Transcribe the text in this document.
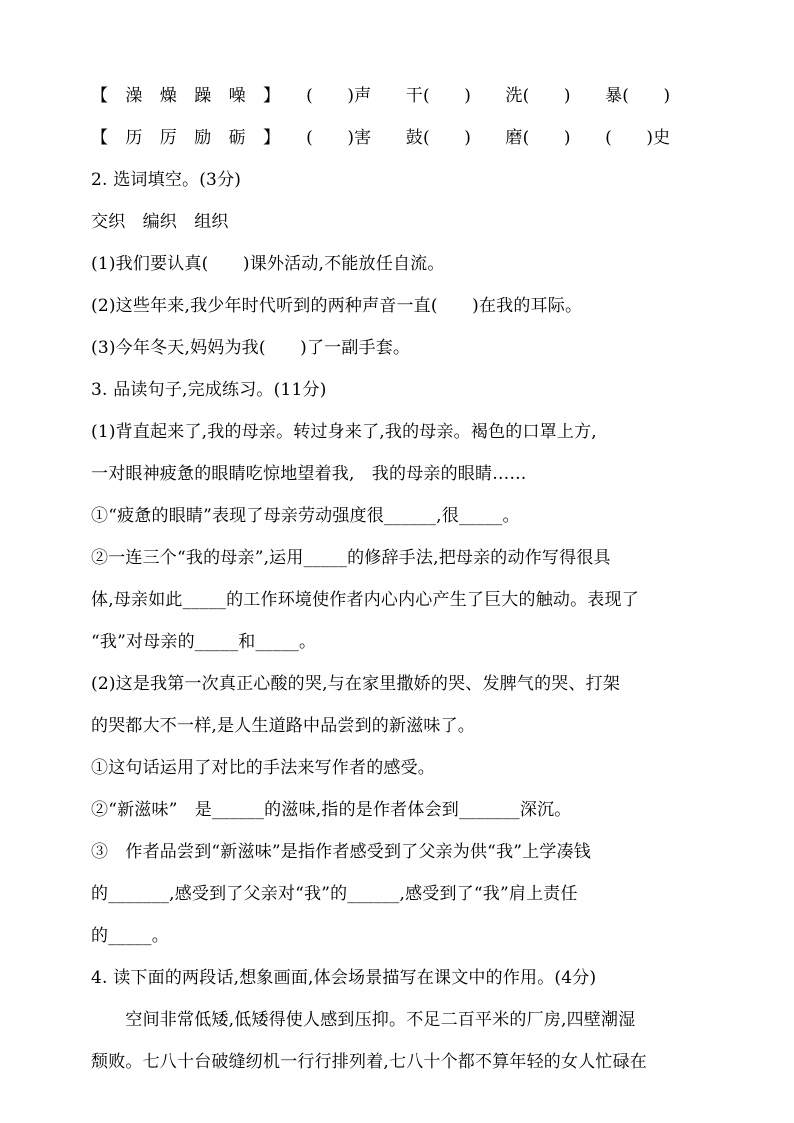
【　澡　燥　躁　噪　】　　(　　)声　　干(　　)　　洗(　　)　　暴(　　)
【　历　厉　励　砺　】　　(　　)害　　鼓(　　)　　磨(　　)　　(　　)史
2. 选词填空。(3分)
交织　编织　组织
(1)我们要认真(　　)课外活动,不能放任自流。
(2)这些年来,我少年时代听到的两种声音一直(　　)在我的耳际。
(3)今年冬天,妈妈为我(　　)了一副手套。
3. 品读句子,完成练习。(11分)
(1)背直起来了,我的母亲。转过身来了,我的母亲。褐色的口罩上方,
一对眼神疲惫的眼睛吃惊地望着我,　我的母亲的眼睛……
①“疲惫的眼睛”表现了母亲劳动强度很______,很_____。
②一连三个“我的母亲”,运用_____的修辞手法,把母亲的动作写得很具
体,母亲如此_____的工作环境使作者内心内心产生了巨大的触动。表现了
“我”对母亲的_____和_____。
(2)这是我第一次真正心酸的哭,与在家里撒娇的哭、发脾气的哭、打架
的哭都大不一样,是人生道路中品尝到的新滋味了。
①这句话运用了对比的手法来写作者的感受。
②“新滋味”　是______的滋味,指的是作者体会到_______深沉。
③　作者品尝到“新滋味”是指作者感受到了父亲为供“我”上学凑钱
的_______,感受到了父亲对“我”的______,感受到了“我”肩上责任
的_____。
4. 读下面的两段话,想象画面,体会场景描写在课文中的作用。(4分)
　　空间非常低矮,低矮得使人感到压抑。不足二百平米的厂房,四壁潮湿
颓败。七八十台破缝纫机一行行排列着,七八十个都不算年轻的女人忙碌在
